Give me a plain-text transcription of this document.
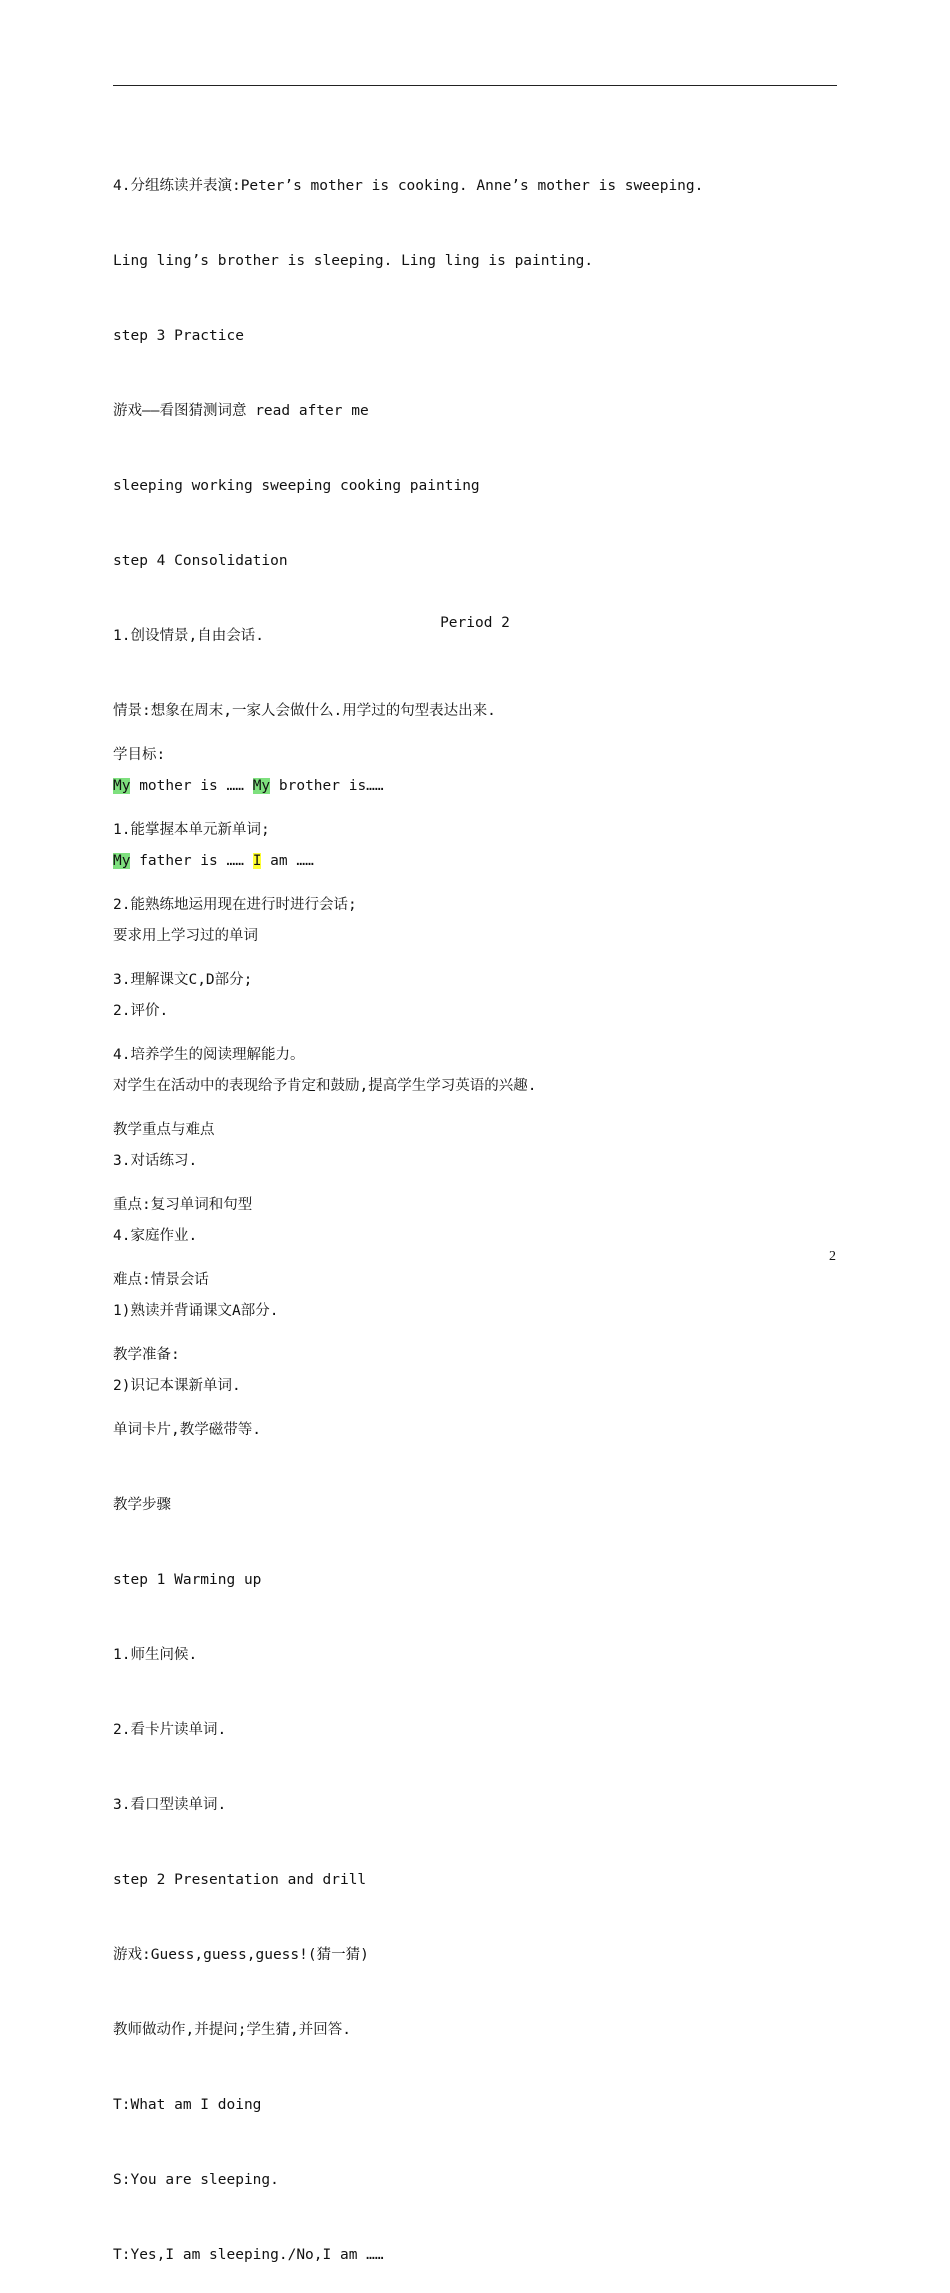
4.分组练读并表演:Peter’s mother is cooking. Anne’s mother is sweeping.

Ling ling’s brother is sleeping. Ling ling is painting.

step 3 Practice

游戏——看图猜测词意 read after me

sleeping working sweeping cooking painting

step 4 Consolidation

1.创设情景,自由会话.

情景:想象在周末,一家人会做什么.用学过的句型表达出来.

My mother is …… My brother is……

My father is …… I am ……

要求用上学习过的单词

2.评价.

对学生在活动中的表现给予肯定和鼓励,提高学生学习英语的兴趣.

3.对话练习.

4.家庭作业.

1)熟读并背诵课文A部分.

2)识记本课新单词.

Period 2

学目标:

1.能掌握本单元新单词;

2.能熟练地运用现在进行时进行会话;

3.理解课文C,D部分;

4.培养学生的阅读理解能力。

教学重点与难点

重点:复习单词和句型

难点:情景会话

教学准备:

单词卡片,教学磁带等.

教学步骤

step 1 Warming up

1.师生问候.

2.看卡片读单词.

3.看口型读单词.

step 2 Presentation and drill

游戏:Guess,guess,guess!(猜一猜)

教师做动作,并提问;学生猜,并回答.

T:What am I doing

S:You are sleeping.

T:Yes,I am sleeping./No,I am ……

2
